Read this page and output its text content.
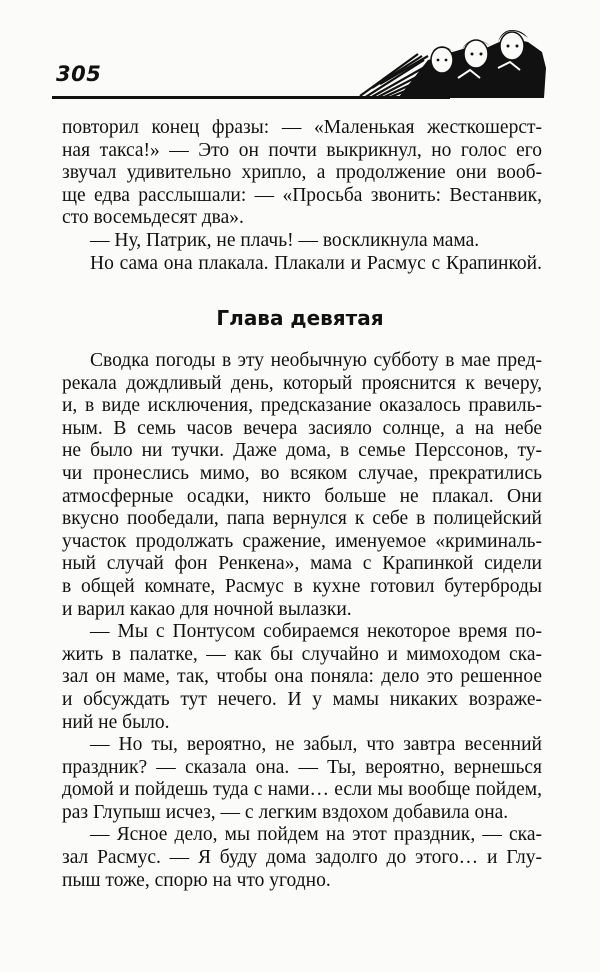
305
повторил конец фразы: — «Маленькая жесткошерст-
ная такса!» — Это он почти выкрикнул, но голос его
звучал удивительно хрипло, а продолжение они вооб-
ще едва расслышали: — «Просьба звонить: Вестанвик,
сто восемьдесят два».
— Ну, Патрик, не плачь! — воскликнула мама.
Но сама она плакала. Плакали и Расмус с Крапинкой.
Глава девятая
Сводка погоды в эту необычную субботу в мае пред-
рекала дождливый день, который прояснится к вечеру,
и, в виде исключения, предсказание оказалось правиль-
ным. В семь часов вечера засияло солнце, а на небе
не было ни тучки. Даже дома, в семье Перссонов, ту-
чи пронеслись мимо, во всяком случае, прекратились
атмосферные осадки, никто больше не плакал. Они
вкусно пообедали, папа вернулся к себе в полицейский
участок продолжать сражение, именуемое «криминаль-
ный случай фон Ренкена», мама с Крапинкой сидели
в общей комнате, Расмус в кухне готовил бутерброды
и варил какао для ночной вылазки.
— Мы с Понтусом собираемся некоторое время по-
жить в палатке, — как бы случайно и мимоходом ска-
зал он маме, так, чтобы она поняла: дело это решенное
и обсуждать тут нечего. И у мамы никаких возраже-
ний не было.
— Но ты, вероятно, не забыл, что завтра весенний
праздник? — сказала она. — Ты, вероятно, вернешься
домой и пойдешь туда с нами… если мы вообще пойдем,
раз Глупыш исчез, — с легким вздохом добавила она.
— Ясное дело, мы пойдем на этот праздник, — ска-
зал Расмус. — Я буду дома задолго до этого… и Глу-
пыш тоже, спорю на что угодно.
